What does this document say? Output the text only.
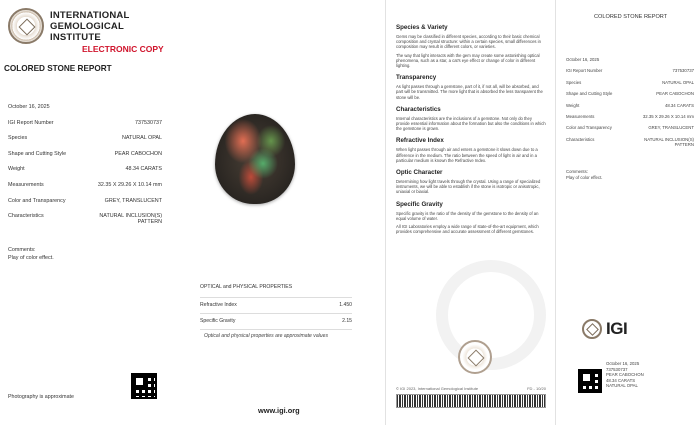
INTERNATIONAL
GEMOLOGICAL
INSTITUTE
ELECTRONIC COPY
COLORED STONE REPORT
October 16, 2025
IGI Report Number	737530737
Species	NATURAL OPAL
Shape and Cutting Style	PEAR CABOCHON
Weight	48.34 CARATS
Measurements	32.35 X 29.26 X 10.14 mm
Color and Transparency	GREY, TRANSLUCENT
Characteristics	NATURAL INCLUSION(S) PATTERN
Comments:
Play of color effect.
Photography is approximate
OPTICAL and PHYSICAL PROPERTIES
Refractive Index	1.450
Specific Gravity	2.15
Optical and physical properties are approximate values
www.igi.org
Species & Variety

Gems may be classified in different species, according to their basic chemical composition and crystal structure: within a certain species, small differences in composition may result in different colors, or varieties.

The way that light interacts with the gem may create some astonishing optical phenomena, such as a star, a cat's eye effect or change of color in different lighting.

Transparency

As light passes through a gemstone, part of it, if not all, will be absorbed, and part will be transmitted. The more light that is absorbed the less transparent the stone will be.

Characteristics

Internal characteristics are the inclusions of a gemstone. Not only do they provide essential information about the formation but also the conditions in which the gemstone is grown.

Refractive Index

When light passes through air and enters a gemstone it slows down due to a difference in the medium. The ratio between the speed of light in air and in a particular medium is known the Refractive Index.

Optic Character

Determining how light travels through the crystal. Using a range of specialized instruments, we will be able to establish if the stone is isotropic or anisotropic, uniaxial or biaxial.

Specific Gravity

Specific gravity is the ratio of the density of the gemstone to the density of an equal volume of water.

All IGI Laboratories employ a wide range of state-of-the-art equipment, which provides comprehensive and accurate assessment of different gemstones.

© IGI 2023, International Gemological Institute	FD - 10/20
COLORED STONE REPORT
October 16, 2025
IGI Report Number	737530737
Species	NATURAL OPAL
Shape and Cutting Style	PEAR CABOCHON
Weight	48.34 CARATS
Measurements	32.35 X 29.26 X 10.14 mm
Color and Transparency	GREY, TRANSLUCENT
Characteristics	NATURAL INCLUSION(S) PATTERN
Comments:
Play of color effect.
IGI
October 16, 2025
737530737
PEAR CABOCHON
48.34 CARATS
NATURAL OPAL
